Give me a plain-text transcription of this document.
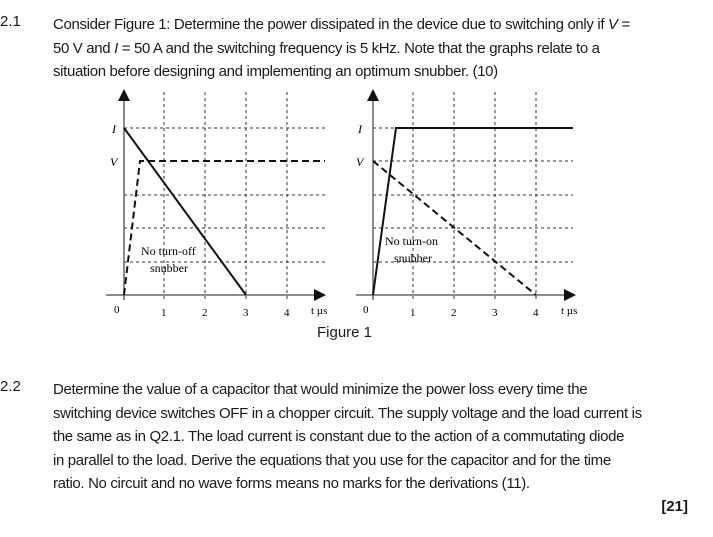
2.1 Consider Figure 1: Determine the power dissipated in the device due to switching only if V =
50 V and I = 50 A and the switching frequency is 5 kHz. Note that the graphs relate to a
situation before designing and implementing an optimum snubber. (10)
I
V
0	1	2	3	4 t µs
No turn-off
snubber
I
V
0	1	2	3	4 t µs
No turn-on
snubber
Figure 1
2.2 Determine the value of a capacitor that would minimize the power loss every time the
switching device switches OFF in a chopper circuit. The supply voltage and the load current is
the same as in Q2.1. The load current is constant due to the action of a commutating diode
in parallel to the load. Derive the equations that you use for the capacitor and for the time
ratio. No circuit and no wave forms means no marks for the derivations (11).
[21]
